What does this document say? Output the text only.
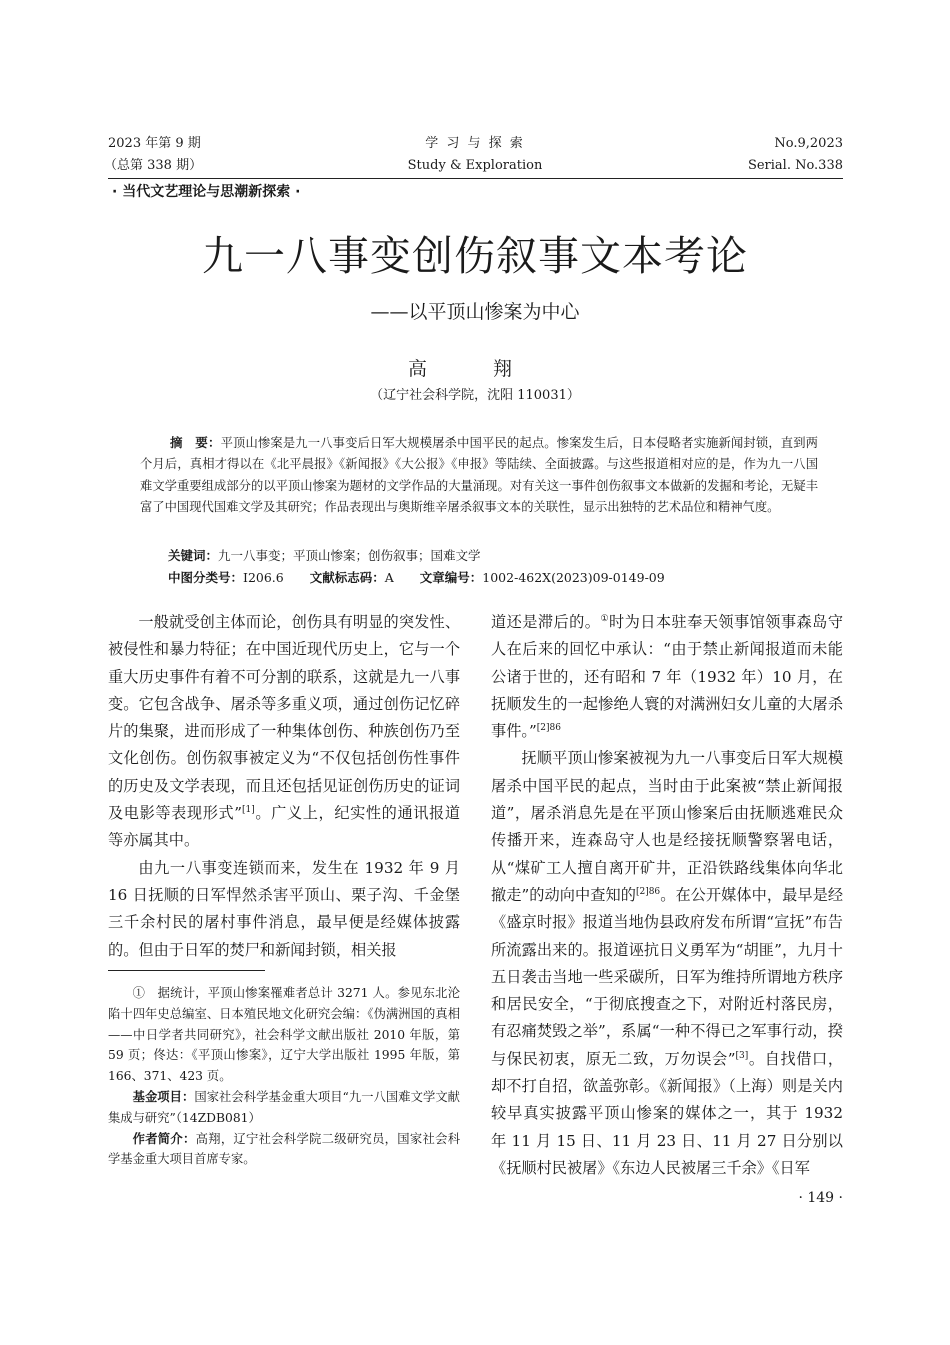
2023 年第 9 期
（总第 338 期）
学 习 与 探 索
Study & Exploration
No.9,2023
Serial. No.338
· 当代文艺理论与思潮新探索 ·
九一八事变创伤叙事文本考论
——以平顶山惨案为中心
高 翔
（辽宁社会科学院，沈阳 110031）
摘　要：平顶山惨案是九一八事变后日军大规模屠杀中国平民的起点。惨案发生后，日本侵略者实施新闻封锁，直到两个月后，真相才得以在《北平晨报》《新闻报》《大公报》《申报》等陆续、全面披露。与这些报道相对应的是，作为九一八国难文学重要组成部分的以平顶山惨案为题材的文学作品的大量涌现。对有关这一事件创伤叙事文本做新的发掘和考论，无疑丰富了中国现代国难文学及其研究；作品表现出与奥斯维辛屠杀叙事文本的关联性，显示出独特的艺术品位和精神气度。
关键词：九一八事变；平顶山惨案；创伤叙事；国难文学
中图分类号：I206.6 文献标志码：A 文章编号：1002-462X(2023)09-0149-09

一般就受创主体而论，创伤具有明显的突发性、被侵性和暴力特征；在中国近现代历史上，它与一个重大历史事件有着不可分割的联系，这就是九一八事变。它包含战争、屠杀等多重义项，通过创伤记忆碎片的集聚，进而形成了一种集体创伤、种族创伤乃至文化创伤。创伤叙事被定义为“不仅包括创伤性事件的历史及文学表现，而且还包括见证创伤历史的证词及电影等表现形式”[1]。广义上，纪实性的通讯报道等亦属其中。

由九一八事变连锁而来，发生在 1932 年 9 月 16 日抚顺的日军悍然杀害平顶山、栗子沟、千金堡三千余村民的屠村事件消息，最早便是经媒体披露的。但由于日军的焚尸和新闻封锁，相关报

①　据统计，平顶山惨案罹难者总计 3271 人。参见东北沦陷十四年史总编室、日本殖民地文化研究会编：《伪满洲国的真相——中日学者共同研究》，社会科学文献出版社 2010 年版，第 59 页；佟达：《平顶山惨案》，辽宁大学出版社 1995 年版，第 166、371、423 页。

基金项目：国家社会科学基金重大项目“九一八国难文学文献集成与研究”（14ZDB081）

作者简介：高翔，辽宁社会科学院二级研究员，国家社会科学基金重大项目首席专家。

道还是滞后的。①时为日本驻奉天领事馆领事森岛守人在后来的回忆中承认：“由于禁止新闻报道而未能公诸于世的，还有昭和 7 年（1932 年）10 月，在抚顺发生的一起惨绝人寰的对满洲妇女儿童的大屠杀事件。”$^{[2]86}$

抚顺平顶山惨案被视为九一八事变后日军大规模屠杀中国平民的起点，当时由于此案被“禁止新闻报道”，屠杀消息先是在平顶山惨案后由抚顺逃难民众传播开来，连森岛守人也是经接抚顺警察署电话，从“煤矿工人擅自离开矿井，正沿铁路线集体向华北撤走”的动向中查知的$^{[2]86}$。在公开媒体中，最早是经《盛京时报》报道当地伪县政府发布所谓“宣抚”布告所流露出来的。报道诬抗日义勇军为“胡匪”，九月十五日袭击当地一些采碳所，日军为维持所谓地方秩序和居民安全，“于彻底搜查之下，对附近村落民房，有忍痛焚毁之举”，系属“一种不得已之军事行动，揆与保民初衷，原无二致，万勿误会”[3]。自找借口，却不打自招，欲盖弥彰。《新闻报》（上海）则是关内较早真实披露平顶山惨案的媒体之一，其于 1932 年 11 月 15 日、11 月 23 日、11 月 27 日分别以《抚顺村民被屠》《东边人民被屠三千余》《日军

· 149 ·
